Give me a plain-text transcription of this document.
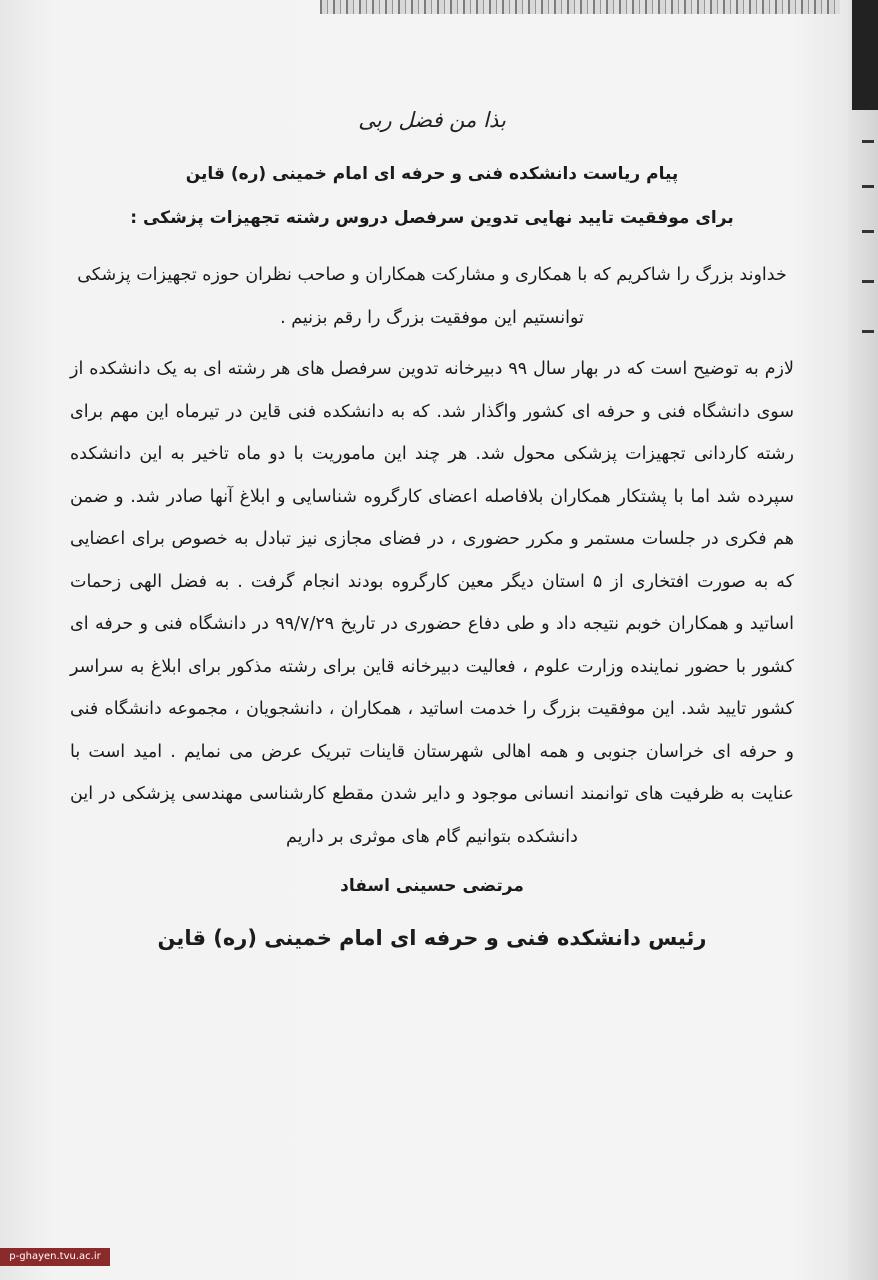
بذا من فضل ربی
پیام ریاست دانشکده فنی و حرفه ای امام خمینی (ره) قاین
برای موفقیت تایید نهایی تدوین سرفصل دروس رشته تجهیزات پزشکی :

خداوند بزرگ را شاکریم که با همکاری و مشارکت همکاران و صاحب نظران حوزه تجهیزات پزشکی توانستیم این موفقیت بزرگ را رقم بزنیم .

لازم به توضیح است که در بهار سال ۹۹ دبیرخانه تدوین سرفصل های هر رشته ای به یک دانشکده از سوی دانشگاه فنی و حرفه ای کشور واگذار شد. که به دانشکده فنی قاین در تیرماه این مهم برای رشته کاردانی تجهیزات پزشکی محول شد. هر چند این ماموریت با دو ماه تاخیر به این دانشکده سپرده شد اما با پشتکار همکاران بلافاصله اعضای کارگروه شناسایی و ابلاغ آنها صادر شد. و ضمن هم فکری در جلسات مستمر و مکرر حضوری ، در فضای مجازی نیز تبادل به خصوص برای اعضایی که به صورت افتخاری از ۵ استان دیگر معین کارگروه بودند انجام گرفت . به فضل الهی زحمات اساتید و همکاران خوبم نتیجه داد و طی دفاع حضوری در تاریخ ۹۹/۷/۲۹ در دانشگاه فنی و حرفه ای کشور با حضور نماینده وزارت علوم ، فعالیت دبیرخانه قاین برای رشته مذکور برای ابلاغ به سراسر کشور تایید شد. این موفقیت بزرگ را خدمت اساتید ، همکاران ، دانشجویان ، مجموعه دانشگاه فنی و حرفه ای خراسان جنوبی و همه اهالی شهرستان قاینات تبریک عرض می نمایم . امید است با عنایت به ظرفیت های توانمند انسانی موجود و دایر شدن مقطع کارشناسی مهندسی پزشکی در این دانشکده بتوانیم گام های موثری بر داریم

مرتضی حسینی اسفاد
رئیس دانشکده فنی و حرفه ای امام خمینی (ره) قاین
p-ghayen.tvu.ac.ir
